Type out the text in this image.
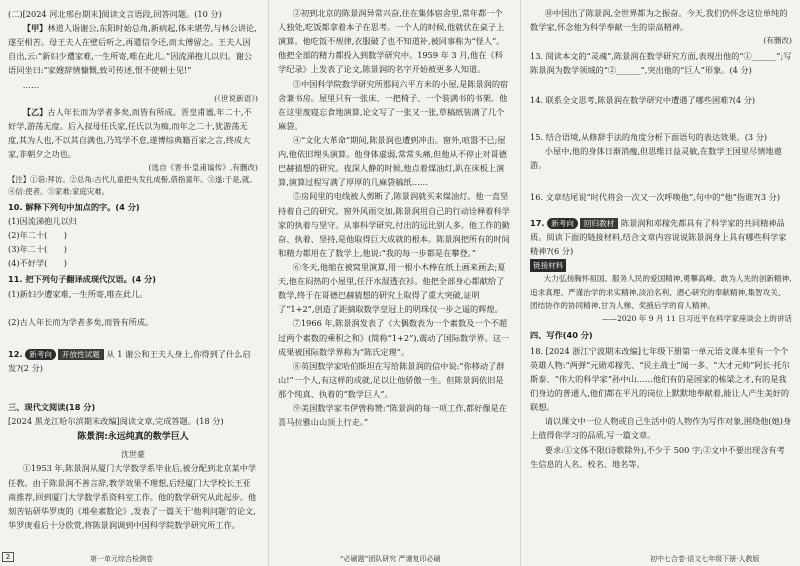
(二)[2024 河北邢台期末]阅读文言语段,回答问题。(10 分)

【甲】林道人诣谢公,东阳时始总角,新病起,体未堪劳,与林公讲论,遂至相苦。母王夫人在壁后听之,再遣信令还,而太傅留之。王夫人因自出,云:“新妇少遭家难,一生所寄,唯在此儿。”因流涕抱儿以归。谢公语同坐曰:“家嫂辞情慷慨,致可传述,恨不使朝士见!”

……

(《世说新语》)

【乙】古人年长而为学者多矣,而皆有所成。晋皇甫谧,年二十,不好学,游荡无度。后入叔母任氏家,任氏以为痴,而年之二十,犹游荡无度,其为人也,不以其自满也,乃笃学不怠,遂博综典籍百家之言,终成大家,非朝夕之功也。

(选自《晋书·皇甫谧传》,有删改)

【注】①诣:拜访。②总角:古代儿童把头发扎成髻,借指童年。③遂:于是,就。④信:使者。⑤家难:家庭灾难。

10. 解释下列句中加点的字。(4 分)

(1)因流涕抱儿以归

(2)年二十(　　)

(3)年二十(　　)

(4)不好学(　　)

11. 把下列句子翻译成现代汉语。(4 分)

(1)新妇少遭家难,一生所寄,唯在此儿。

(2)古人年长而为学者多矣,而皆有所成。

12. 新考向 开放性试题 从 1 谢公和王夫人身上,你得到了什么启发?(2 分)

三、现代文阅读(18 分)

[2024 黑龙江哈尔滨期末改编]阅读文章,完成答题。(18 分)

陈景润:永远纯真的数学巨人

沈世豪

①1953 年,陈景润从厦门大学数学系毕业后,被分配到北京某中学任教。由于陈景润不善言辞,教学效果不理想,后经厦门大学校长王亚南推荐,回到厦门大学数学系资料室工作。他的数学研究从此起步。他刻苦钻研华罗庚的《堆垒素数论》,发表了一篇关于‘他利问题’的论文,华罗庚看后十分欣赏,将陈景润调到中国科学院数学研究所工作。

2	第一单元综合检测卷

②初到北京的陈景润异常兴奋,住在集体宿舍里,常年都一个人独处,吃饭都拿着本子在思考。一个人的时候,他就伏在桌子上演算。他吃饭不规律,衣服破了也不知道补,被同事称为“怪人”。他把全部的精力都投入到数学研究中。1959 年 3 月,他在《科学纪录》上发表了论文,陈景润的名字开始被更多人知道。

③中国科学院数学研究所那间六平方米的小屋,是陈景润的宿舍兼书房。屋里只有一张床、一把椅子、一个装满书的书架。他在这里废寝忘食地演算,论文写了一张又一张,草稿纸装满了几个麻袋。

④“文化大革命”期间,陈景润也遭到冲击。窗外,喧嚣不已;屋内,他依旧埋头演算。他身体虚弱,常常头痛,但他从不停止对哥德巴赫猜想的研究。夜深人静的时候,他点着煤油灯,趴在床板上演算,演算过程写满了厚厚的几麻袋稿纸……

⑤房间里的电线被人剪断了,陈景润就买来煤油灯。他一直坚持着自己的研究。窗外风雨交加,陈景润用自己的行动诠释着科学家的执着与坚守。从事科学研究,付出的远比别人多。他工作的勤奋、执着、坚持,是他取得巨大成就的根本。陈景润把所有的时间和精力都用在了数学上,他说:“我的每一步都是在攀登。”

⑥冬天,他缩在被窝里演算,用一根小木棒在纸上画来画去;夏天,他在闷热的小屋里,任汗水湿透衣衫。他把全部身心都献给了数学,终于在哥德巴赫猜想的研究上取得了重大突破,证明了“1+2”,创造了距摘取数学皇冠上的明珠仅一步之遥的辉煌。

⑦1966 年,陈景润发表了《大偶数表为一个素数及一个不超过两个素数的乘积之和》(简称“1+2”),震动了国际数学界。这一成果被国际数学界称为“陈氏定理”。

⑧英国数学家哈伯斯坦在写给陈景润的信中说:“你移动了群山!”一个人,有这样的成就,足以让他骄傲一生。但陈景润依旧是那个纯真、执着的“数学巨人”。

⑨美国数学家韦伊曾称赞:“陈景润的每一项工作,都好像是在喜马拉雅山山顶上行走。”

“必刷题”团队研究 严谨复印必刷

⑩中国出了陈景润,全世界都为之振奋。今天,我们仍怀念这位单纯的数学家,怀念他为科学奉献一生的崇高精神。

(有删改)

13. 阅读本文的“灵魂”,陈景润在数学研究方面,表现出他的“①______”;写陈景润为数学领域的“②______”,突出他的“巨人”形象。(4 分)

14. 联系全文思考,陈景润在数学研究中遭遇了哪些困难?(4 分)

15. 结合语境,从修辞手法的角度分析下面语句的表达效果。(3 分)

小屋中,他的身体日渐消瘦,但思维日益灵敏,在数学王国里尽情地遨游。

16. 文章结尾说“时代将会一次又一次呼唤他”,句中的“他”指谁?(3 分)

17. 新考向 回归教材 陈景润和邓稼先都具有了科学家的共同精神品质。阅读下面的链接材料,结合文章内容说说陈景润身上具有哪些科学家精神?(6 分)

链接材料

大力弘扬胸怀祖国、服务人民的爱国精神,勇攀高峰、敢为人先的创新精神,追求真理、严谨治学的求实精神,淡泊名利、潜心研究的奉献精神,集智攻关、团结协作的协同精神,甘为人梯、奖掖后学的育人精神。

——2020 年 9 月 11 日习近平在科学家座谈会上的讲话

四、写作(40 分)

18. [2024 浙江宁波期末改编]七年级下册第一单元语文课本里有一个个英雄人物:“两弹”元勋邓稼先、“民主战士”闻一多、“大才元帅”阿长·托尔斯泰、“伟大的科学家”孙中山……他们有的是国家的栋梁之才,有的是我们身边的普通人,他们都在平凡的岗位上默默地奉献着,能让人产生美好的联想。

请以课文中一位人物或自己生活中的人物作为写作对象,围绕他(她)身上值得你学习的品质,写一篇文章。

要求:①文体不限(诗歌除外),不少于 500 字;②文中不要出现含有考生信息的人名、校名、地名等。

初中七合卷·语文七年级下册·人教版
